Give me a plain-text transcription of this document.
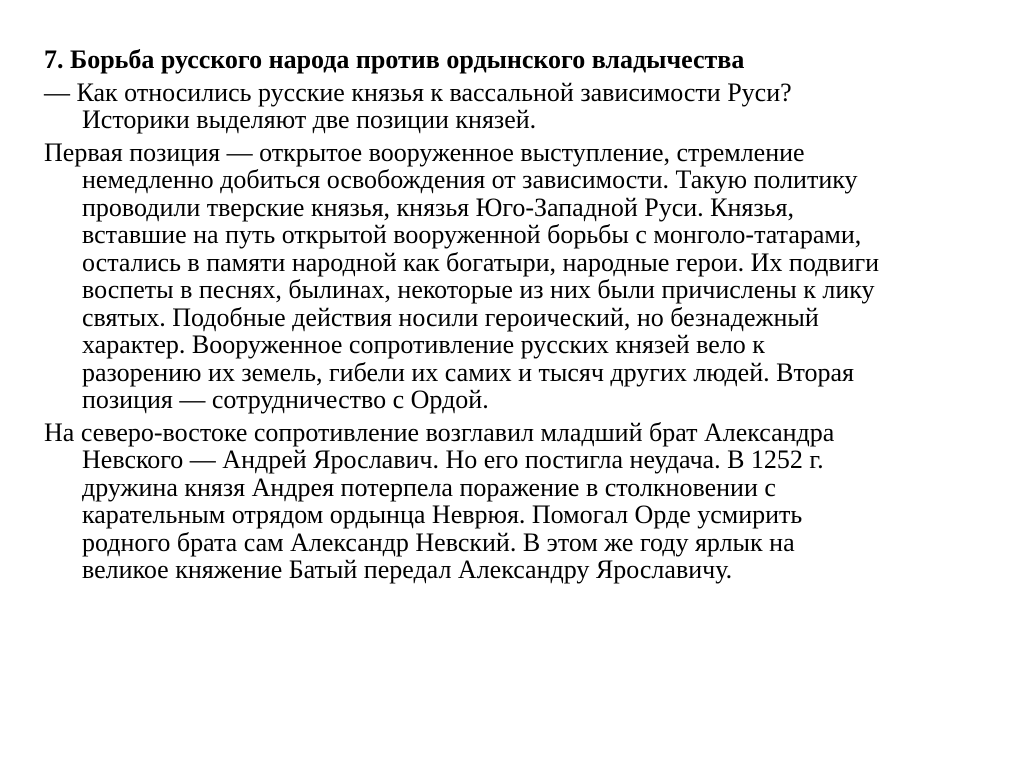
7. Борьба русского народа против ордынского владычества
— Как относились русские князья к вассальной зависимости Руси?
Историки выделяют две позиции князей.
Первая позиция — открытое вооруженное выступление, стремление
немедленно добиться освобождения от зависимости. Такую политику
проводили тверские князья, князья Юго-Западной Руси. Князья,
вставшие на путь открытой вооруженной борьбы с монголо-татарами,
остались в памяти народной как богатыри, народные герои. Их подвиги
воспеты в песнях, былинах, некоторые из них были причислены к лику
святых. Подобные действия носили героический, но безнадежный
характер. Вооруженное сопротивление русских князей вело к
разорению их земель, гибели их самих и тысяч других людей. Вторая
позиция — сотрудничество с Ордой.
На северо-востоке сопротивление возглавил младший брат Александра
Невского — Андрей Ярославич. Но его постигла неудача. В 1252 г.
дружина князя Андрея потерпела поражение в столкновении с
карательным отрядом ордынца Неврюя. Помогал Орде усмирить
родного брата сам Александр Невский. В этом же году ярлык на
великое княжение Батый передал Александру Ярославичу.
